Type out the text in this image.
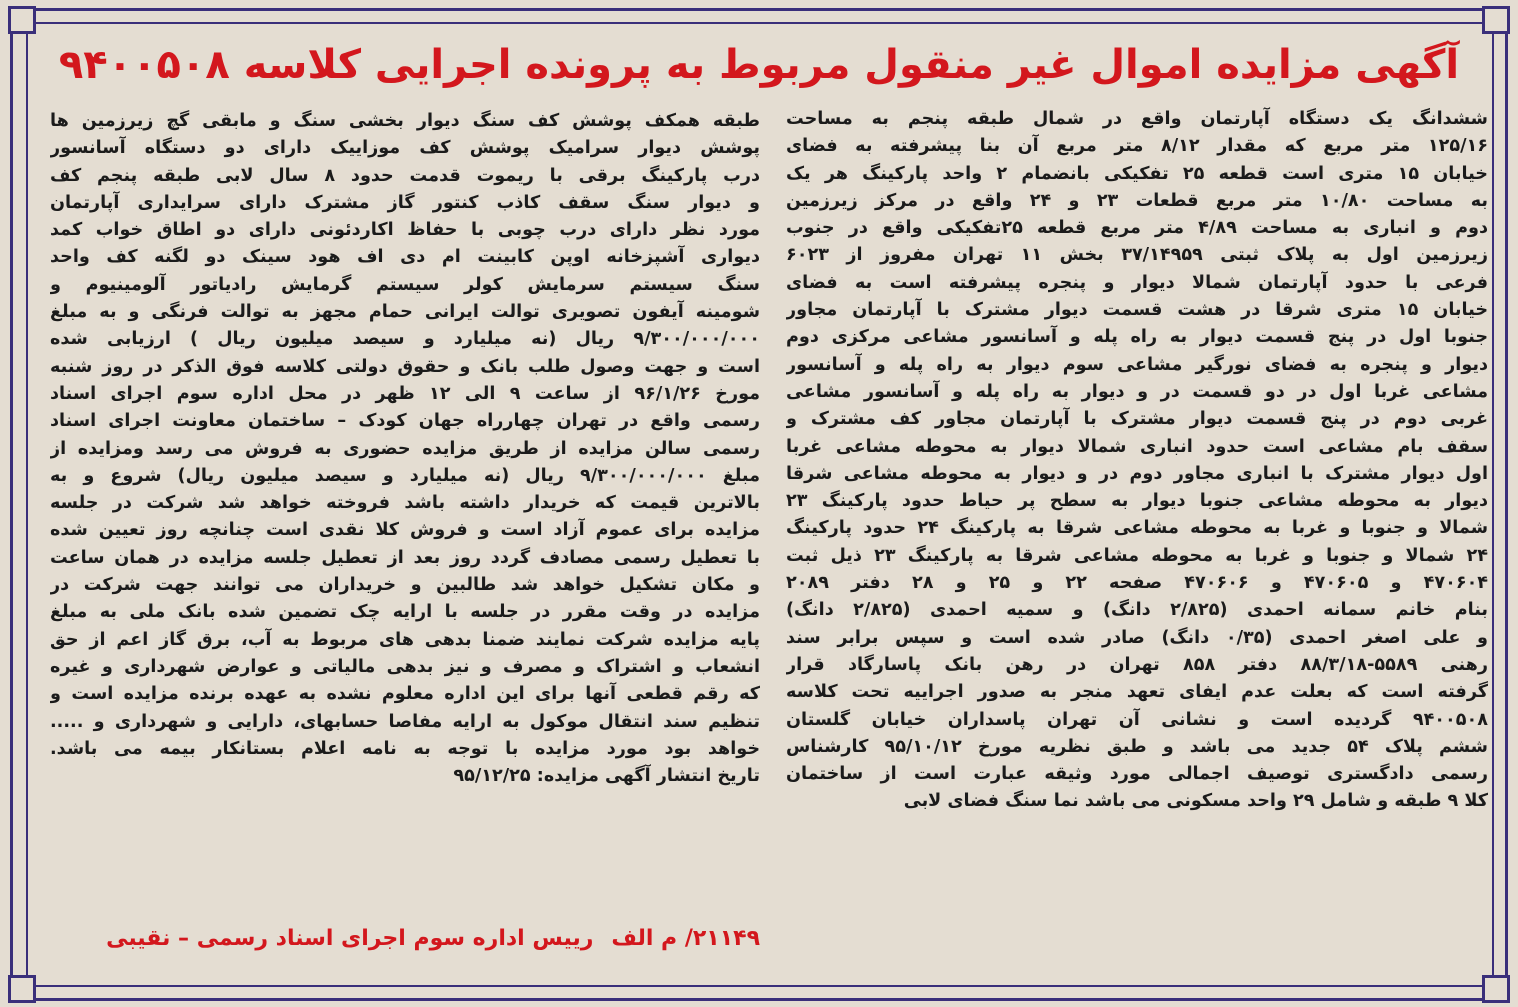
آگهی مزایده اموال غیر منقول مربوط به پرونده اجرایی کلاسه ۹۴۰۰۵۰۸
ششدانگ یک دستگاه آپارتمان واقع در شمال طبقه پنجم به مساحت
۱۲۵/۱۶ متر مربع که مقدار ۸/۱۲ متر مربع آن بنا پیشرفته به فضای
خیابان ۱۵ متری است قطعه ۲۵ تفکیکی بانضمام ۲ واحد پارکینگ هر یک
به مساحت ۱۰/۸۰ متر مربع قطعات ۲۳ و ۲۴ واقع در مرکز زیرزمین
دوم و انباری به مساحت ۴/۸۹ متر مربع قطعه ۲۵تفکیکی واقع در جنوب
زیرزمین اول به پلاک ثبتی ۳۷/۱۴۹۵۹ بخش ۱۱ تهران مفروز از ۶۰۲۳
فرعی با حدود آپارتمان شمالا دیوار و پنجره پیشرفته است به فضای
خیابان ۱۵ متری شرقا در هشت قسمت دیوار مشترک با آپارتمان مجاور
جنوبا اول در پنج قسمت دیوار به راه پله و آسانسور مشاعی مرکزی دوم
دیوار و پنجره به فضای نورگیر مشاعی سوم دیوار به راه پله و آسانسور
مشاعی غربا اول در دو قسمت در و دیوار به راه پله و آسانسور مشاعی
غربی دوم در پنج قسمت دیوار مشترک با آپارتمان مجاور کف مشترک و
سقف بام مشاعی است حدود انباری شمالا دیوار به محوطه مشاعی غربا
اول دیوار مشترک با انباری مجاور دوم در و دیوار به محوطه مشاعی شرقا
دیوار به محوطه مشاعی جنوبا دیوار به سطح پر حیاط حدود پارکینگ ۲۳
شمالا و جنوبا و غربا به محوطه مشاعی شرقا به پارکینگ ۲۴ حدود پارکینگ
۲۴ شمالا و جنوبا و غربا به محوطه مشاعی شرقا به پارکینگ ۲۳ ذیل ثبت
۴۷۰۶۰۴ و ۴۷۰۶۰۵ و ۴۷۰۶۰۶ صفحه ۲۲ و ۲۵ و ۲۸ دفتر ۲۰۸۹
بنام خانم سمانه احمدی (۲/۸۲۵ دانگ) و سمیه احمدی (۲/۸۲۵ دانگ)
و علی اصغر احمدی (۰/۳۵ دانگ) صادر شده است و سپس برابر سند
رهنی ۵۵۸۹-۸۸/۳/۱۸ دفتر ۸۵۸ تهران در رهن بانک پاسارگاد قرار
گرفته است که بعلت عدم ایفای تعهد منجر به صدور اجراییه تحت کلاسه
۹۴۰۰۵۰۸ گردیده است و نشانی آن تهران پاسداران خیابان گلستان
ششم پلاک ۵۴ جدید می باشد و طبق نظریه مورخ ۹۵/۱۰/۱۲ کارشناس
رسمی دادگستری توصیف اجمالی مورد وثیقه عبارت است از ساختمان
کلا ۹ طبقه و شامل ۲۹ واحد مسکونی می باشد نما سنگ فضای لابی
طبقه همکف پوشش کف سنگ دیوار بخشی سنگ و مابقی گچ زیرزمین ها
پوشش دیوار سرامیک پوشش کف موزاییک دارای دو دستگاه آسانسور
درب پارکینگ برقی با ریموت قدمت حدود ۸ سال لابی طبقه پنجم کف
و دیوار سنگ سقف کاذب کنتور گاز مشترک دارای سرایداری آپارتمان
مورد نظر دارای درب چوبی با حفاظ اکاردئونی دارای دو اطاق خواب کمد
دیواری آشپزخانه اوپن کابینت ام دی اف هود سینک دو لگنه کف واحد
سنگ سیستم سرمایش کولر سیستم گرمایش رادیاتور آلومینیوم و
شومینه آیفون تصویری توالت ایرانی حمام مجهز به توالت فرنگی و به مبلغ
۹/۳۰۰/۰۰۰/۰۰۰ ریال (نه میلیارد و سیصد میلیون ریال ) ارزیابی شده
است و جهت وصول طلب بانک و حقوق دولتی کلاسه فوق الذکر در روز شنبه
مورخ ۹۶/۱/۲۶ از ساعت ۹ الی ۱۲ ظهر در محل اداره سوم اجرای اسناد
رسمی واقع در تهران چهارراه جهان کودک – ساختمان معاونت اجرای اسناد
رسمی سالن مزایده از طریق مزایده حضوری به فروش می رسد ومزایده از
مبلغ ۹/۳۰۰/۰۰۰/۰۰۰ ریال (نه میلیارد و سیصد میلیون ریال) شروع و به
بالاترین قیمت که خریدار داشته باشد فروخته خواهد شد شرکت در جلسه
مزایده برای عموم آزاد است و فروش کلا نقدی است چنانچه روز تعیین شده
با تعطیل رسمی مصادف گردد روز بعد از تعطیل جلسه مزایده در همان ساعت
و مکان تشکیل خواهد شد طالبین و خریداران می توانند جهت شرکت در
مزایده در وقت مقرر در جلسه با ارایه چک تضمین شده بانک ملی به مبلغ
پایه مزایده شرکت نمایند ضمنا بدهی های مربوط به آب، برق گاز اعم از حق
انشعاب و اشتراک و مصرف و نیز بدهی مالیاتی و عوارض شهرداری و غیره
که رقم قطعی آنها برای این اداره معلوم نشده به عهده برنده مزایده است و
تنظیم سند انتقال موکول به ارایه مفاصا حسابهای، دارایی و شهرداری و .....
خواهد بود مورد مزایده با توجه به نامه اعلام بستانکار بیمه می باشد.
تاریخ انتشار آگهی مزایده: ۹۵/۱۲/۲۵
۲۱۱۴۹/ م الف
رییس اداره سوم اجرای اسناد رسمی – نقیبی
